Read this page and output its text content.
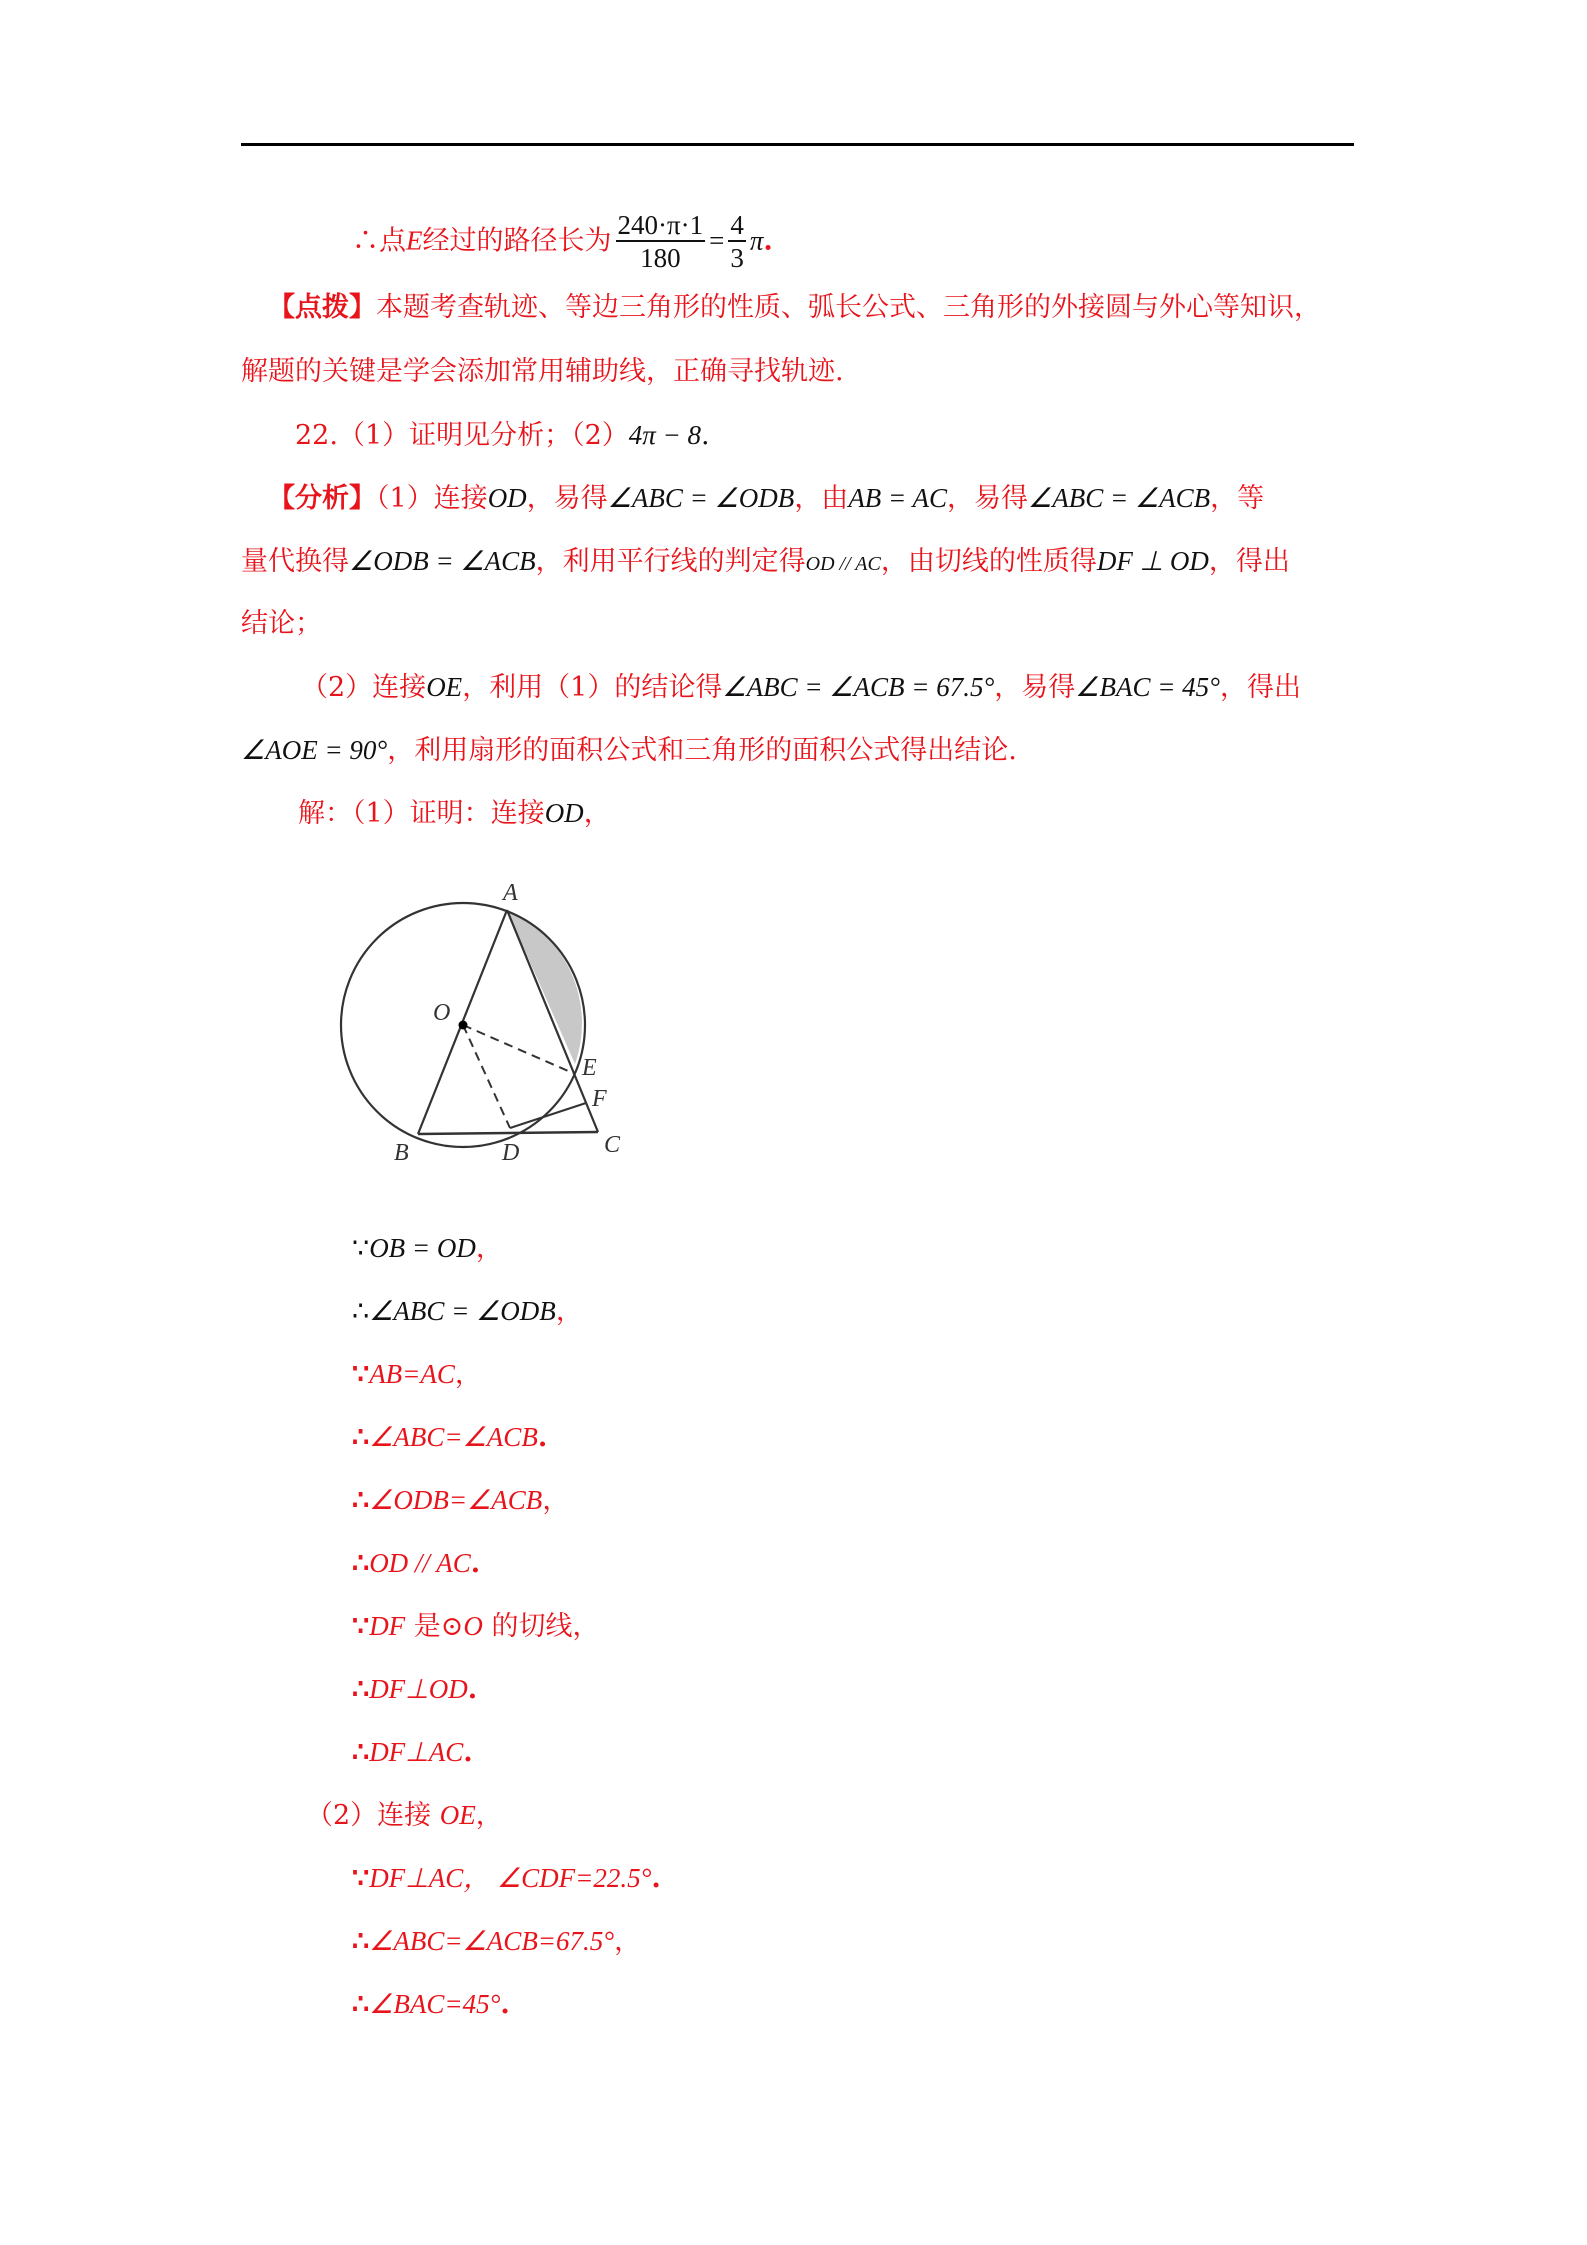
∴点E经过的路径长为 $\frac{240\cdot\pi\cdot 1}{180} = \frac{4}{3} \pi$.
【点拨】本题考查轨迹、等边三角形的性质、弧长公式、三角形的外接圆与外心等知识，
解题的关键是学会添加常用辅助线，正确寻找轨迹.
22.（1）证明见分析；（2）4π − 8.
【分析】（1）连接OD，易得∠ABC = ∠ODB，由AB = AC，易得∠ABC = ∠ACB，等
量代换得∠ODB = ∠ACB，利用平行线的判定得OD // AC，由切线的性质得DF ⊥ OD，得出
结论；
（2）连接OE，利用（1）的结论得∠ABC = ∠ACB = 67.5°，易得∠BAC = 45°，得出
∠AOE = 90°，利用扇形的面积公式和三角形的面积公式得出结论.
解：（1）证明：连接OD，
A
O
E
F
B	D	C
∵OB = OD，
∴∠ABC = ∠ODB，
∵AB=AC，
∴∠ABC=∠ACB.
∴∠ODB=∠ACB，
∴OD // AC.
∵DF 是⊙O 的切线，
∴DF⊥OD.
∴DF⊥AC.
（2）连接 OE，
∵DF⊥AC， ∠CDF=22.5°.
∴∠ABC=∠ACB=67.5°，
∴∠BAC=45°.
